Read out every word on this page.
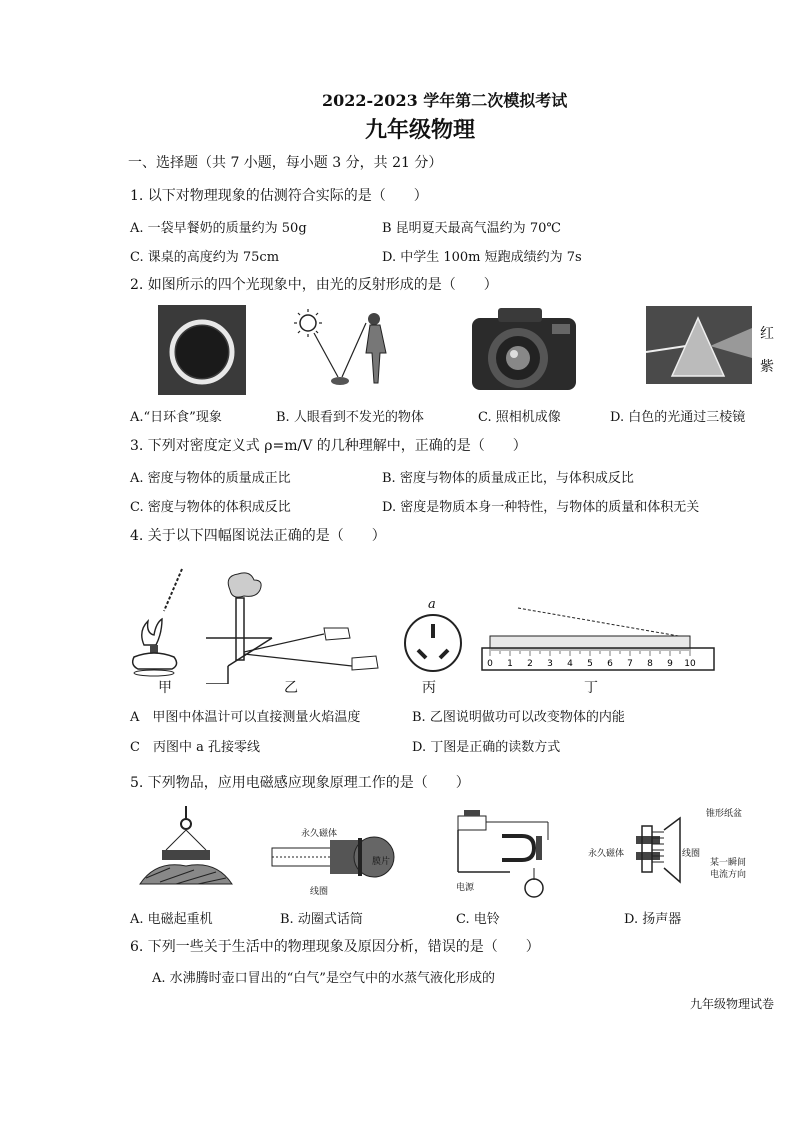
2022-2023 学年第二次模拟考试
九年级物理
一、选择题（共 7 小题，每小题 3 分，共 21 分）
1. 以下对物理现象的估测符合实际的是（　　）
A. 一袋早餐奶的质量约为 50g	B 昆明夏天最高气温约为 70℃
C. 课桌的高度约为 75cm	D. 中学生 100m 短跑成绩约为 7s
2. 如图所示的四个光现象中，由光的反射形成的是（　　）
红
紫
A.“日环食”现象	B. 人眼看到不发光的物体	C. 照相机成像	D. 白色的光通过三棱镜
3. 下列对密度定义式 ρ=m/V 的几种理解中，正确的是（　　）
A. 密度与物体的质量成正比	B. 密度与物体的质量成正比，与体积成反比
C. 密度与物体的体积成反比	D. 密度是物质本身一种特性，与物体的质量和体积无关
4. 关于以下四幅图说法正确的是（　　）
甲	乙
a
丙
0 1 2 3 4 5 6 7 8 9 10
丁
A　甲图中体温计可以直接测量火焰温度	B. 乙图说明做功可以改变物体的内能
C　丙图中 a 孔接零线	D. 丁图是正确的读数方式
5. 下列物品，应用电磁感应现象原理工作的是（　　）
永久磁体
膜片
线圈	电源
锥形纸盆
永久磁体	线圈
某一瞬间
电流方向
A. 电磁起重机	B. 动圈式话筒	C. 电铃	D. 扬声器
6. 下列一些关于生活中的物理现象及原因分析，错误的是（　　）
A. 水沸腾时壶口冒出的“白气”是空气中的水蒸气液化形成的
九年级物理试卷
